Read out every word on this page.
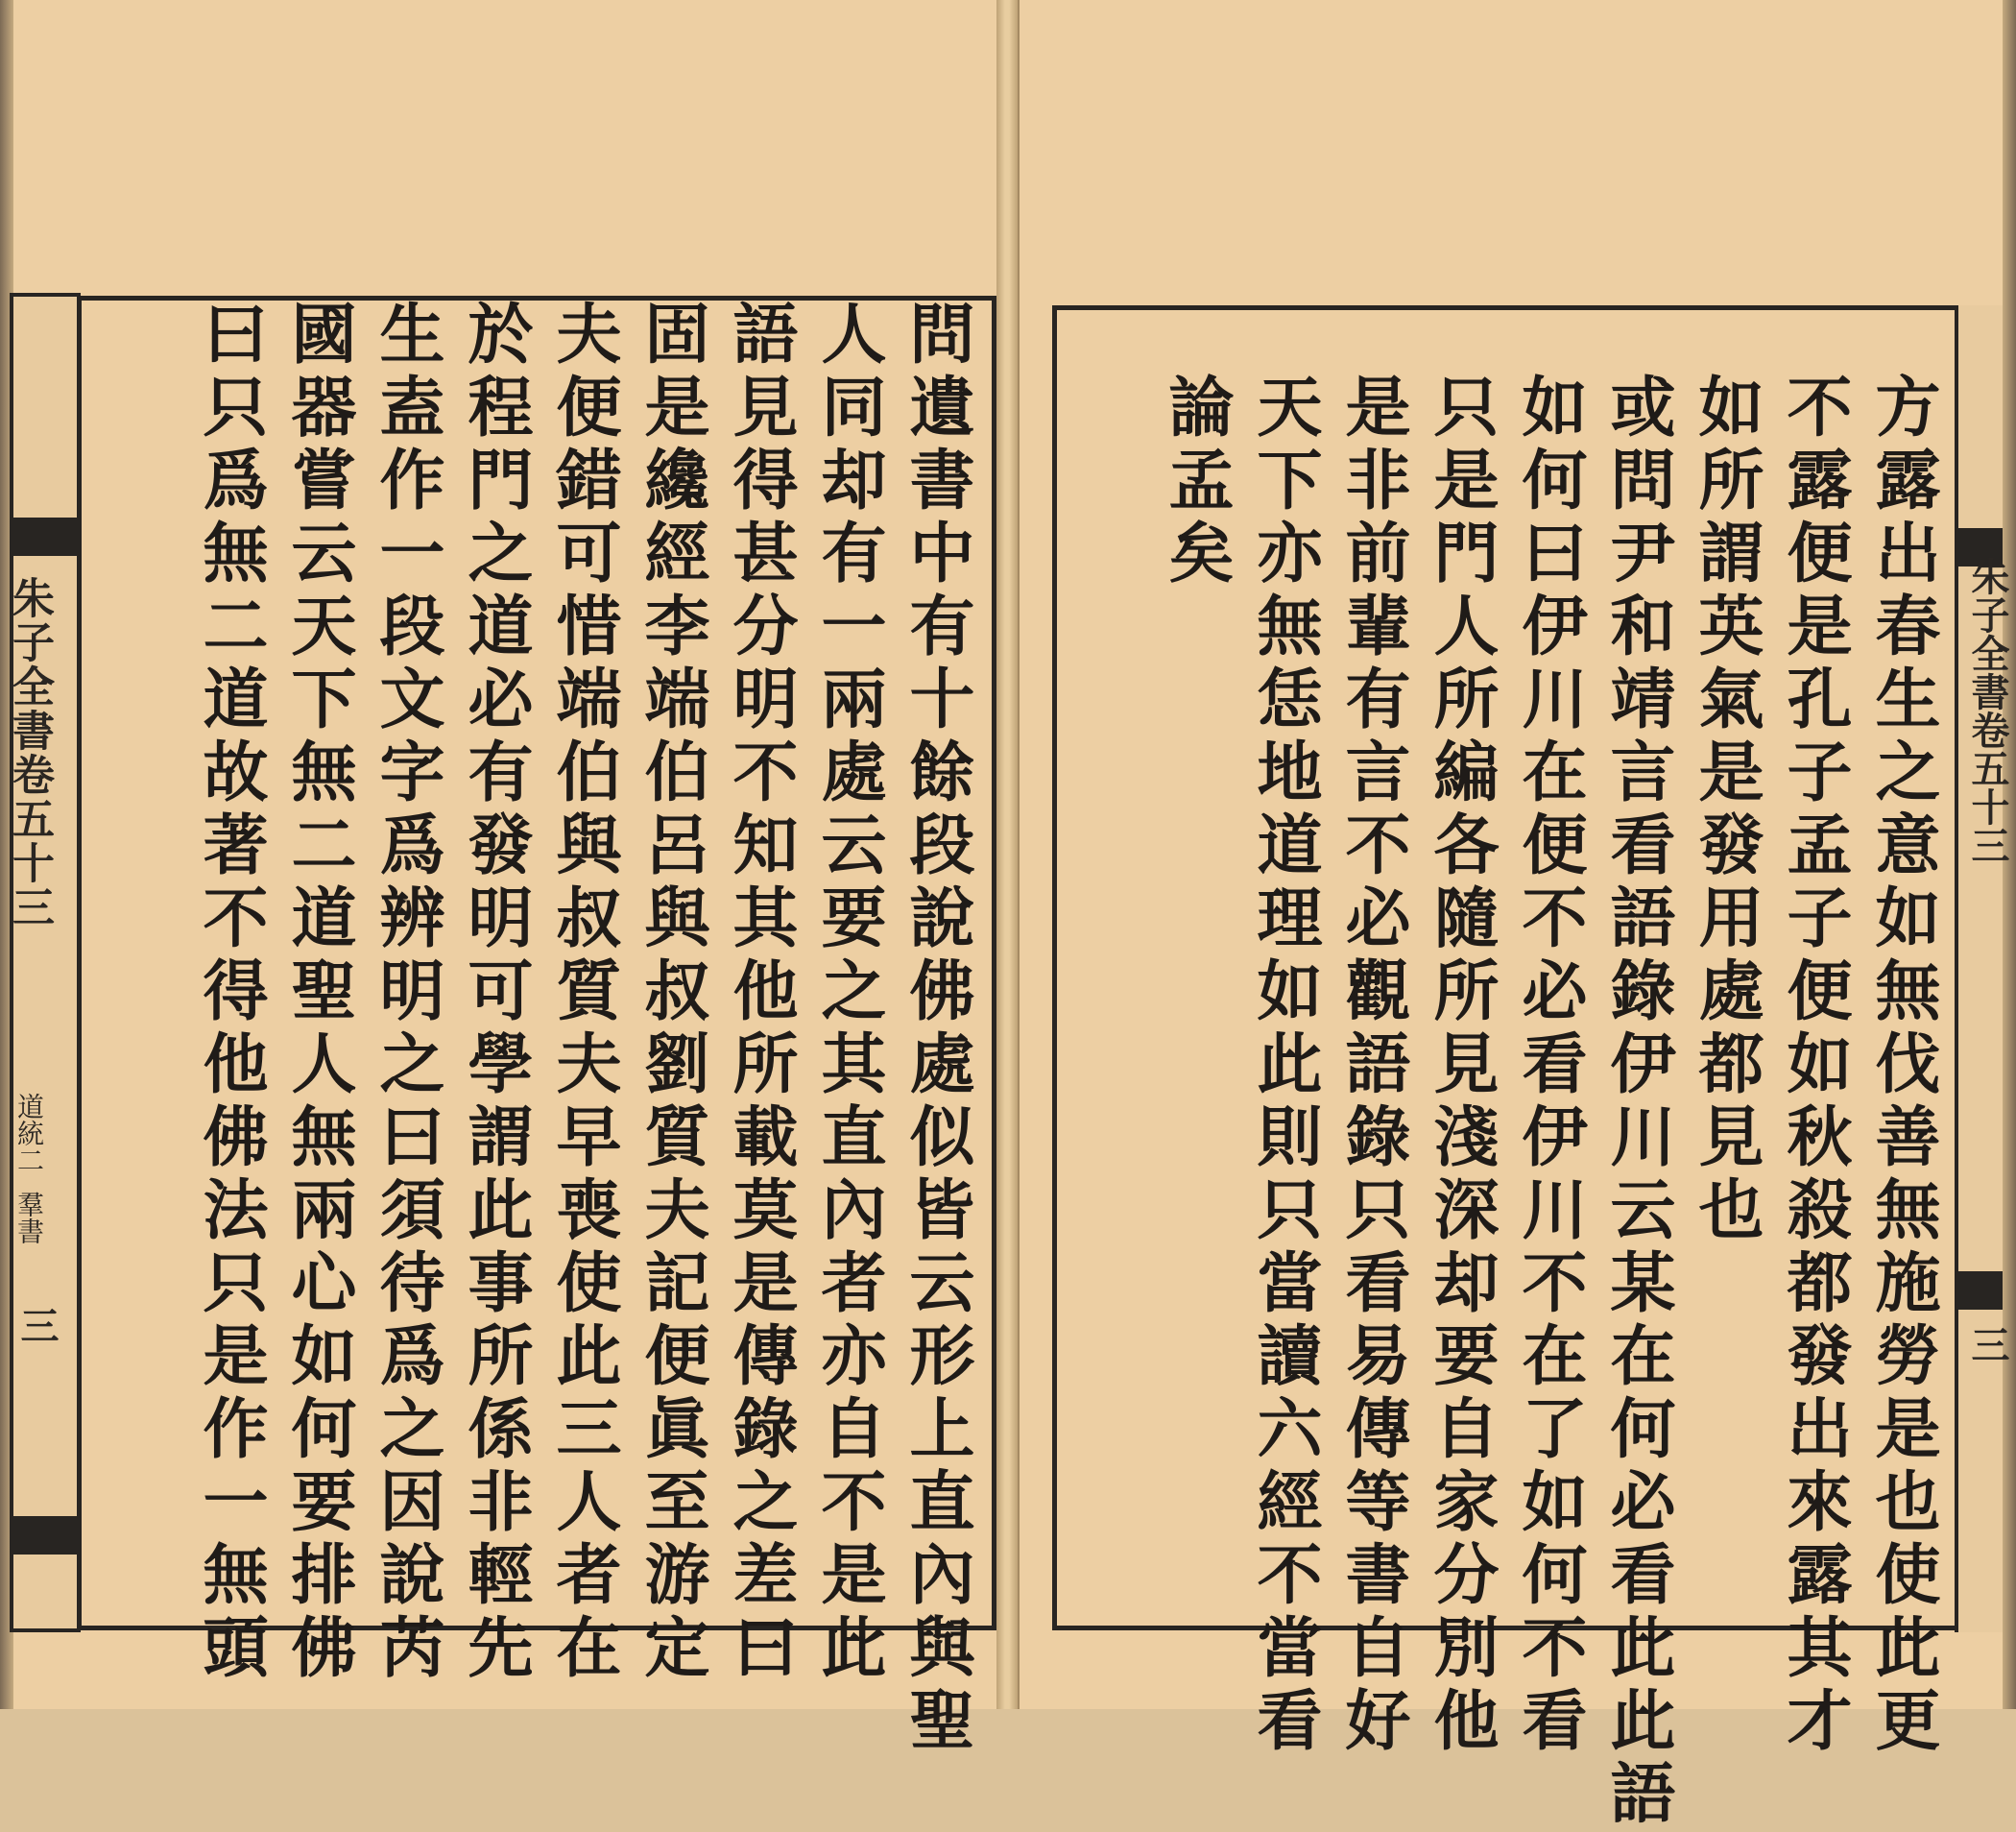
朱子全書卷五十三
道統二
羣書
三	問遺書中有十餘段說佛處似皆云形上直內與聖
人同却有一兩處云要之其直內者亦自不是此
語見得甚分明不知其他所載莫是傳錄之差曰
固是纔經李端伯呂與叔劉質夫記便眞至游定
夫便錯可惜端伯與叔質夫早喪使此三人者在
於程門之道必有發明可學謂此事所係非輕先
生盍作一段文字爲辨明之曰須待爲之因說芮
國器嘗云天下無二道聖人無兩心如何要排佛
曰只爲無二道故著不得他佛法只是作一無頭	朱子全書卷五十三
三
方露出春生之意如無伐善無施勞是也使此更
不露便是孔子孟子便如秋殺都發出來露其才
如所謂英氣是發用處都見也
或問尹和靖言看語錄伊川云某在何必看此此語
如何曰伊川在便不必看伊川不在了如何不看
只是門人所編各隨所見淺深却要自家分別他
是非前輩有言不必觀語錄只看易傳等書自好
天下亦無恁地道理如此則只當讀六經不當看
論孟矣
